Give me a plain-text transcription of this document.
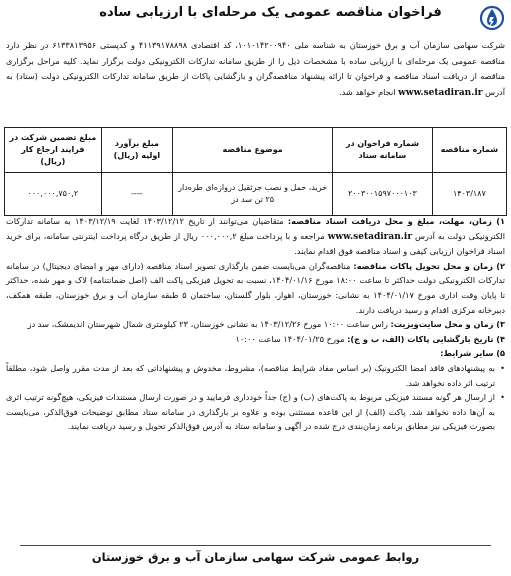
فراخوان مناقصه عمومی یک مرحله‌ای با ارزیابی ساده
شرکت سهامی سازمان آب و برق خوزستان به شناسه ملی ۱۰۱۰۱۴۲۰۰۹۴۰، کد اقتصادی ۴۱۱۳۹۱۷۸۸۹۸ و کدپستی ۶۱۳۳۸۱۳۹۵۶ در نظر دارد مناقصه عمومی یک مرحله‌ای با ارزیابی ساده با مشخصات ذیل را از طریق سامانه تدارکات الکترونیکی دولت برگزار نماید. کلیه مراحل برگزاری مناقصه از دریافت اسناد مناقصه و فراخوان تا ارائه پیشنهاد مناقصه‌گران و بازگشایی پاکات از طریق سامانه تدارکات الکترونیکی دولت (ستاد) به آدرس www.setadiran.ir انجام خواهد شد.
شماره مناقصه	شماره فراخوان در سامانه ستاد	موضوع مناقصه	مبلغ برآورد اولیه (ریال)	مبلغ تضمین شرکت در فرایند ارجاع کار (ریال)
۱۴۰۳/۱۸۷	۲۰۰۳۰۰۱۵۹۷۰۰۰۱۰۳	خرید، حمل و نصب جرثقیل دروازه‌ای طره‌دار ۲۵ تن سد دز	----	۰۰۰,۰۰۰,۷۵۰,۲

۱) زمان، مهلت، مبلغ و محل دریافت اسناد مناقصه: متقاضیان می‌توانند از تاریخ ۱۴۰۳/۱۲/۱۲ لغایت ۱۴۰۳/۱۲/۱۹ به سامانه تدارکات الکترونیکی دولت به آدرس www.setadiran.ir مراجعه و با پرداخت مبلغ ۰۰۰,۰۰۰,۲ ریال از طریق درگاه پرداخت اینترنتی سامانه، برای خرید اسناد فراخوان ارزیابی کیفی و اسناد مناقصه فوق اقدام نمایند.

۲) زمان و محل تحویل پاکات مناقصه: مناقصه‌گران می‌بایست ضمن بارگذاری تصویر اسناد مناقصه (دارای مهر و امضای دیجیتال) در سامانه تدارکات الکترونیکی دولت حداکثر تا ساعت ۱۸:۰۰ مورخ ۱۴۰۴/۰۱/۱۶، نسبت به تحویل فیزیکی پاکت الف (اصل ضمانتنامه) لاک و مهر شده، حداکثر تا پایان وقت اداری مورخ ۱۴۰۴/۰۱/۱۷ به نشانی: خوزستان، اهواز، بلوار گلستان، ساختمان ۵ طبقه سازمان آب و برق خوزستان، طبقه همکف، دبیرخانه مرکزی اقدام و رسید دریافت دارند.

۳) زمان و محل سایت‌ویزیت: راس ساعت ۱۰:۰۰ مورخ ۱۴۰۳/۱۲/۲۶ به نشانی خوزستان، ۲۳ کیلومتری شمال شهرستان اندیمشک، سد دز

۴) تاریخ بازگشایی پاکات (الف، ب و ج): مورخ ۱۴۰۴/۰۱/۲۵ ساعت ۱۰:۰۰

۵) سایر شرایط:

• به پیشنهادهای فاقد امضا الکترونیک (بر اساس مفاد شرایط مناقصه)، مشروط، مخدوش و پیشنهاداتی که بعد از مدت مقرر واصل شود، مطلقاً ترتیب اثر داده نخواهد شد.

• از ارسال هر گونه مستند فیزیکی مربوط به پاکت‌های (ب) و (ج) جداً خودداری فرمایید و در صورت ارسال مستندات فیزیکی، هیچ‌گونه ترتیب اثری به آن‌ها داده نخواهد شد. پاکت (الف) از این قاعده مستثنی بوده و علاوه بر بارگذاری در سامانه ستاد مطابق توضیحات فوق‌الذکر، می‌بایست بصورت فیزیکی نیز مطابق برنامه زمان‌بندی درج شده در آگهی و سامانه ستاد به آدرس فوق‌الذکر تحویل و رسید دریافت نمایند.

روابط عمومی شرکت سهامی سازمان آب و برق خوزستان
